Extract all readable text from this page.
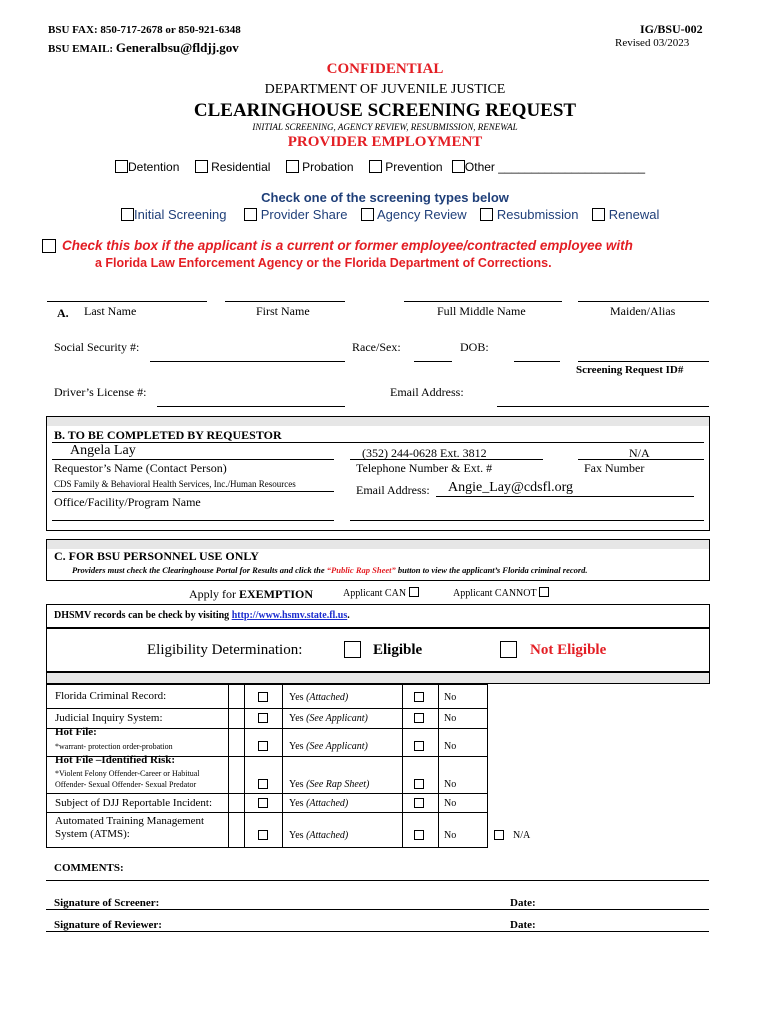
BSU FAX: 850-717-2678 or 850-921-6348
BSU EMAIL: Generalbsu@fldjj.gov
IG/BSU-002
Revised 03/2023
CONFIDENTIAL
DEPARTMENT OF JUVENILE JUSTICE
CLEARINGHOUSE SCREENING REQUEST
INITIAL SCREENING, AGENCY REVIEW, RESUBMISSION, RENEWAL
PROVIDER EMPLOYMENT
Detention	Residential	Probation	Prevention Other ______________________
Check one of the screening types below
Initial Screening	Provider Share Agency Review Resubmission Renewal
Check this box if the applicant is a current or former employee/contracted employee with
a Florida Law Enforcement Agency or the Florida Department of Corrections.
A. Last Name	First Name	Full Middle Name	Maiden/Alias
Social Security #:	Race/Sex:	DOB:
Screening Request ID#
Driver’s License #:	Email Address:
B. TO BE COMPLETED BY REQUESTOR
Angela Lay
Requestor’s Name (Contact Person)
(352) 244-0628 Ext. 3812
Telephone Number & Ext. #
N/A
Fax Number
CDS Family & Behavioral Health Services, Inc./Human Resources
Office/Facility/Program Name
Email Address: Angie_Lay@cdsfl.org
C. FOR BSU PERSONNEL USE ONLY
Providers must check the Clearinghouse Portal for Results and click the “Public Rap Sheet” button to view the applicant’s Florida criminal record.
Apply for EXEMPTION	Applicant CAN	Applicant CANNOT
DHSMV records can be check by visiting http://www.hsmv.state.fl.us.
Eligibility Determination:	Eligible	Not Eligible
Florida Criminal Record:	Yes (Attached)	No
Judicial Inquiry System:	Yes (See Applicant)	No
Hot File:
*warrant- protection order-probation	Yes (See Applicant)	No
Hot File –Identified Risk:
*Violent Felony Offender-Career or Habitual
Offender- Sexual Offender- Sexual Predator	Yes (See Rap Sheet)	No
Subject of DJJ Reportable Incident:	Yes (Attached)	No
Automated Training Management
System (ATMS):	Yes (Attached)	No	N/A
COMMENTS:
Signature of Screener:	Date:
Signature of Reviewer:	Date:
